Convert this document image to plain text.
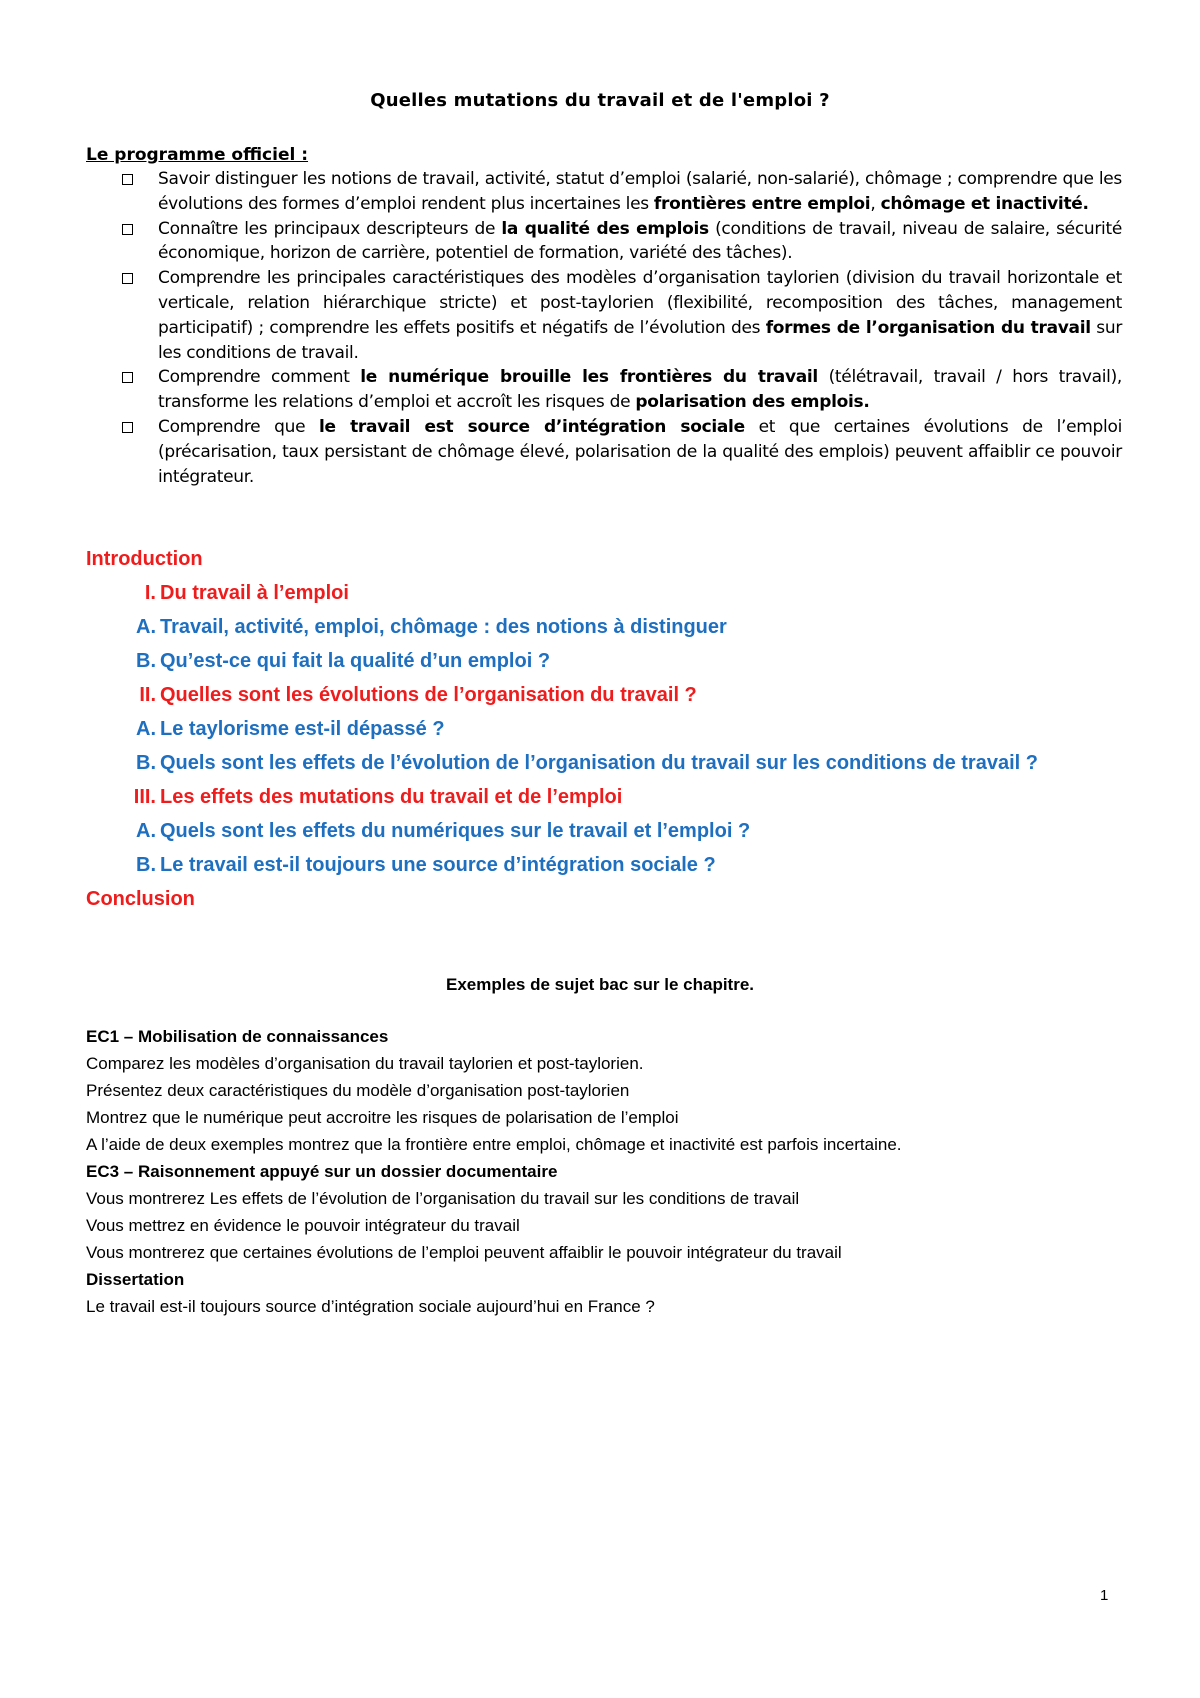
Quelles mutations du travail et de l'emploi ?
Le programme officiel :
Savoir distinguer les notions de travail, activité, statut d’emploi (salarié, non-salarié), chômage ; comprendre que les évolutions des formes d’emploi rendent plus incertaines les frontières entre emploi, chômage et inactivité.
Connaître les principaux descripteurs de la qualité des emplois (conditions de travail, niveau de salaire, sécurité économique, horizon de carrière, potentiel de formation, variété des tâches).
Comprendre les principales caractéristiques des modèles d’organisation taylorien (division du travail horizontale et verticale, relation hiérarchique stricte) et post-taylorien (flexibilité, recomposition des tâches, management participatif) ; comprendre les effets positifs et négatifs de l’évolution des formes de l’organisation du travail sur les conditions de travail.
Comprendre comment le numérique brouille les frontières du travail (télétravail, travail / hors travail), transforme les relations d’emploi et accroît les risques de polarisation des emplois.
Comprendre que le travail est source d’intégration sociale et que certaines évolutions de l’emploi (précarisation, taux persistant de chômage élevé, polarisation de la qualité des emplois) peuvent affaiblir ce pouvoir intégrateur.
Introduction
I. Du travail à l’emploi
A. Travail, activité, emploi, chômage : des notions à distinguer
B. Qu’est-ce qui fait la qualité d’un emploi ?
II. Quelles sont les évolutions de l’organisation du travail ?
A. Le taylorisme est-il dépassé ?
B. Quels sont les effets de l’évolution de l’organisation du travail sur les conditions de travail ?
III. Les effets des mutations du travail et de l’emploi
A. Quels sont les effets du numériques sur le travail et l’emploi ?
B. Le travail est-il toujours une source d’intégration sociale ?
Conclusion
Exemples de sujet bac sur le chapitre.
EC1 – Mobilisation de connaissances
Comparez les modèles d’organisation du travail taylorien et post-taylorien.
Présentez deux caractéristiques du modèle d’organisation post-taylorien
Montrez que le numérique peut accroitre les risques de polarisation de l’emploi
A l’aide de deux exemples montrez que la frontière entre emploi, chômage et inactivité est parfois incertaine.
EC3 – Raisonnement appuyé sur un dossier documentaire
Vous montrerez Les effets de l’évolution de l’organisation du travail sur les conditions de travail
Vous mettrez en évidence le pouvoir intégrateur du travail
Vous montrerez que certaines évolutions de l’emploi peuvent affaiblir le pouvoir intégrateur du travail
Dissertation
Le travail est-il toujours source d’intégration sociale aujourd’hui en France ?
1
